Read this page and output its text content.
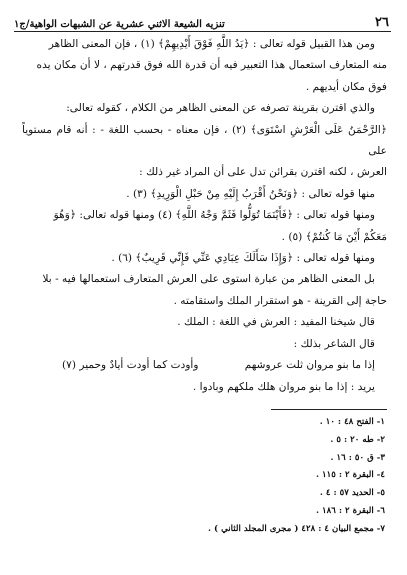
٢٦
تنزيه الشيعة الاثني عشرية عن الشبهات الواهية/ج١

ومن هذا القبيل قوله تعالى : ﴿يَدُ اللَّهِ فَوْقَ أَيْدِيهِمْ﴾ (١) ، فإن المعنى الظاهر

منه المتعارف استعمال هذا التعبير فيه أن قدرة الله فوق قدرتهم ، لا أن مكان يده

فوق مكان أيديهم .

والذي اقترن بقرينة تصرفه عن المعنى الظاهر من الكلام ، كقوله تعالى:

﴿الرَّحْمَنُ عَلَى الْعَرْشِ اسْتَوَى﴾ (٢) ، فإن معناه - بحسب اللغة - : أنه قام مستوياً على

العرش ، لكنه اقترن بقرائن تدل على أن المراد غير ذلك :

منها قوله تعالى : ﴿وَنَحْنُ أَقْرَبُ إِلَيْهِ مِنْ حَبْلِ الْوَرِيدِ﴾ (٣) .

ومنها قوله تعالى : ﴿فَأَيْنَمَا تُوَلُّوا فَثَمَّ وَجْهُ اللَّهِ﴾ (٤) ومنها قوله تعالى: ﴿وَهُوَ

مَعَكُمْ أَيْنَ مَا كُنتُمْ﴾ (٥) .

ومنها قوله تعالى : ﴿وَإِذَا سَأَلَكَ عِبَادِي عَنِّي فَإِنِّي قَرِيبٌ﴾ (٦) .

بل المعنى الظاهر من عبارة استوى على العرش المتعارف استعمالها فيه - بلا

حاجة إلى القرينة - هو استقرار الملك واستقامته .

قال شيخنا المفيد : العرش في اللغة : الملك .

قال الشاعر بذلك :

إذا ما بنو مروان ثلت عروشهم
وأودت كما أودت أيادٌ وحمير (٧)

يريد : إذا ما بنو مروان هلك ملكهم وبادوا .

١- الفتح ٤٨ : ١٠ .
٢- طه ٢٠ : ٥ .
٣- ق ٥٠ : ١٦ .
٤- البقرة ٢ : ١١٥ .
٥- الحديد ٥٧ : ٤ .
٦- البقرة ٢ : ١٨٦ .
٧- مجمع البيان ٤ : ٤٢٨ ( مجرى المجلد الثاني ) .
